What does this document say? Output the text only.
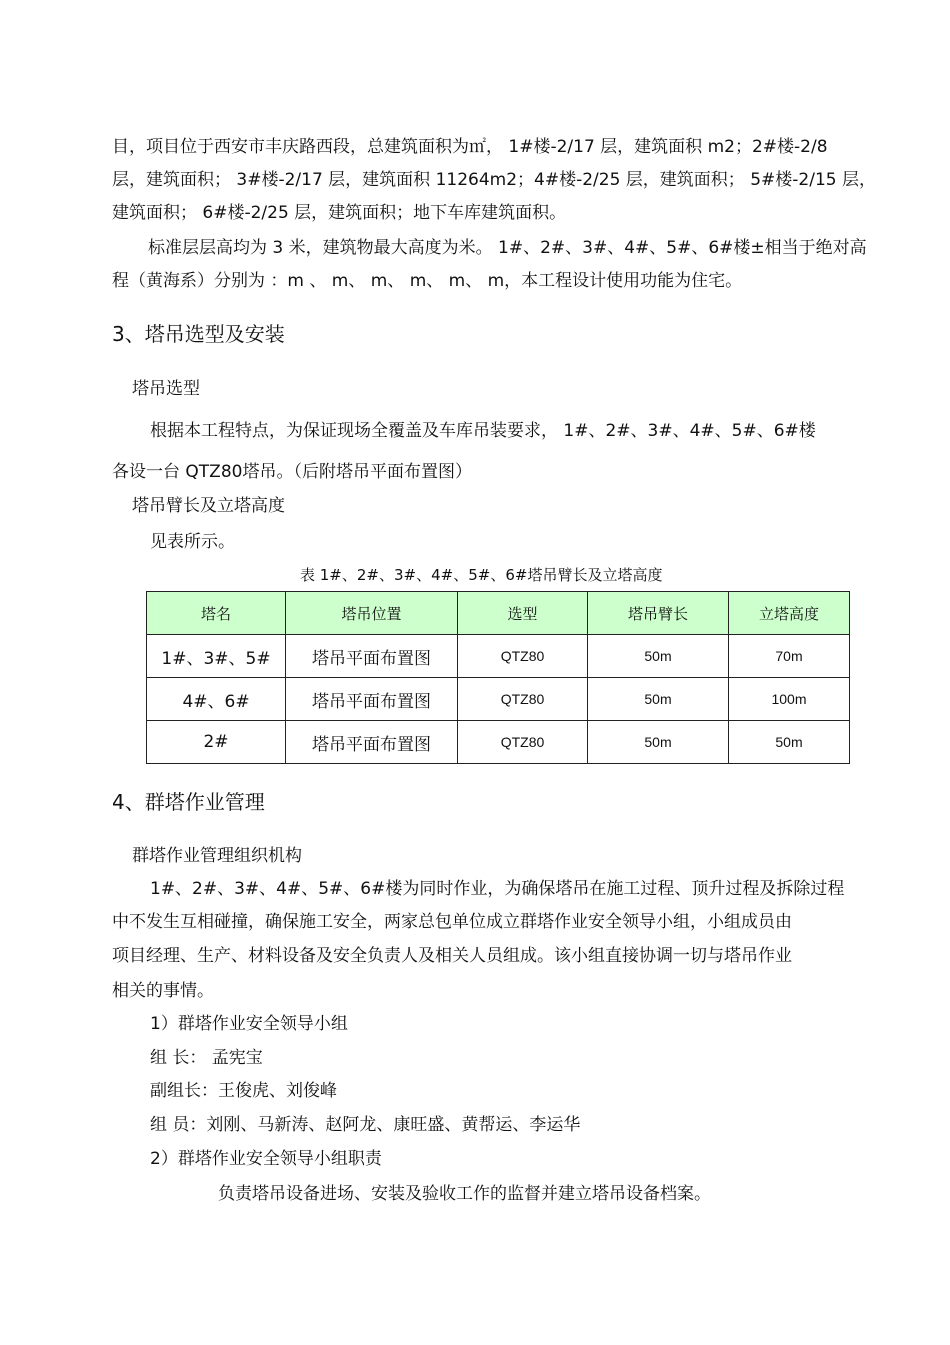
目，项目位于西安市丰庆路西段，总建筑面积为㎡， 1#楼-2/17 层，建筑面积 m2；2#楼-2/8
层，建筑面积； 3#楼-2/17 层，建筑面积 11264m2；4#楼-2/25 层，建筑面积； 5#楼-2/15 层，
建筑面积； 6#楼-2/25 层，建筑面积；地下车库建筑面积。
标准层层高均为 3 米，建筑物最大高度为米。 1#、2#、3#、4#、5#、6#楼±相当于绝对高
程（黄海系）分别为 ：m 、 m、 m、 m、 m、 m，本工程设计使用功能为住宅。
3、塔吊选型及安装
塔吊选型
根据本工程特点，为保证现场全覆盖及车库吊装要求， 1#、2#、3#、4#、5#、6#楼
各设一台 QTZ80塔吊。（后附塔吊平面布置图）
塔吊臂长及立塔高度
见表所示。
表 1#、2#、3#、4#、5#、6#塔吊臂长及立塔高度
塔名	塔吊位置	选型	塔吊臂长	立塔高度
1#、3#、5#	塔吊平面布置图	QTZ80	50m	70m
4#、6#	塔吊平面布置图	QTZ80	50m	100m
2#	塔吊平面布置图	QTZ80	50m	50m
4、群塔作业管理
群塔作业管理组织机构
1#、2#、3#、4#、5#、6#楼为同时作业，为确保塔吊在施工过程、顶升过程及拆除过程
中不发生互相碰撞，确保施工安全，两家总包单位成立群塔作业安全领导小组，小组成员由
项目经理、生产、材料设备及安全负责人及相关人员组成。该小组直接协调一切与塔吊作业
相关的事情。
1）群塔作业安全领导小组
组 长： 孟宪宝
副组长：王俊虎、刘俊峰
组 员：刘刚、马新涛、赵阿龙、康旺盛、黄帮运、李运华
2）群塔作业安全领导小组职责
负责塔吊设备进场、安装及验收工作的监督并建立塔吊设备档案。
